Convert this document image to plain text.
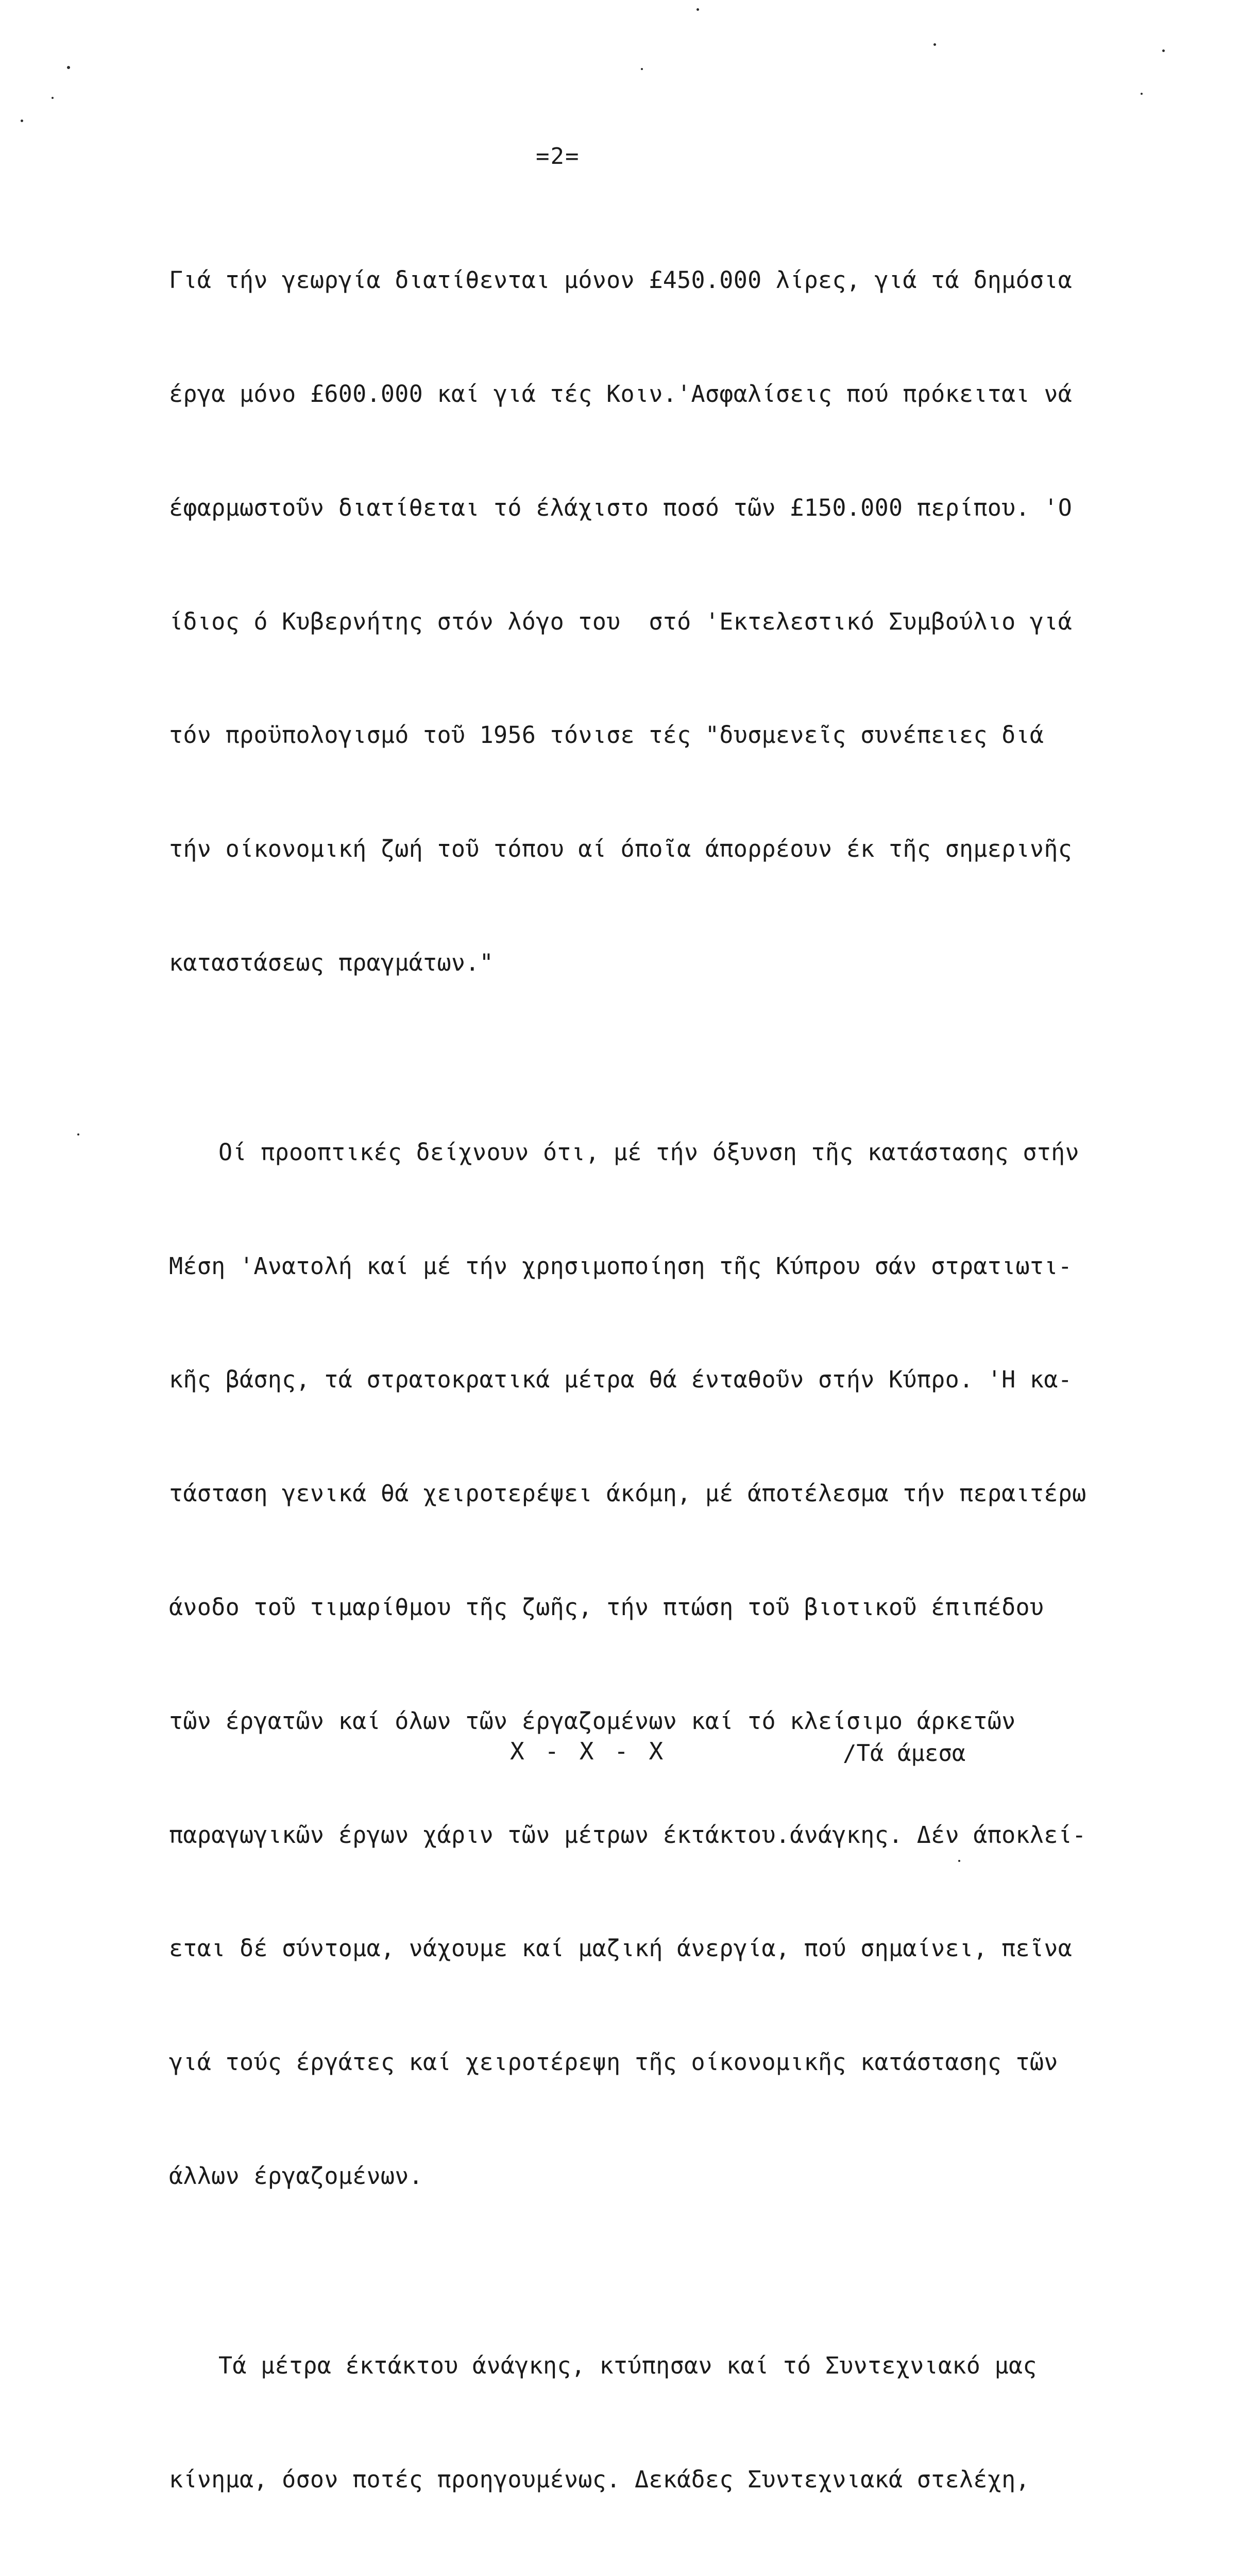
=2=

Γιά τήν γεωργία διατίθενται μόνον £450.000 λίρες, γιά τά δημόσια

έργα μόνο £600.000 καί γιά τές Κοιν.'Ασφαλίσεις πού πρόκειται νά

έφαρμωστοῦν διατίθεται τό έλάχιστο ποσό τῶν £150.000 περίπου. 'Ο

ίδιος ό Κυβερνήτης στόν λόγο του  στό 'Εκτελεστικό Συμβούλιο γιά

τόν προϋπολογισμό τοῦ 1956 τόνισε τές "δυσμενεῖς συνέπειες διά

τήν οίκονομική ζωή τοῦ τόπου αί όποῖα άπορρέουν έκ τῆς σημερινῆς

καταστάσεως πραγμάτων."

Οί προοπτικές δείχνουν ότι, μέ τήν όξυνση τῆς κατάστασης στήν

Μέση 'Ανατολή καί μέ τήν χρησιμοποίηση τῆς Κύπρου σάν στρατιωτι-

κῆς βάσης, τά στρατοκρατικά μέτρα θά ένταθοῦν στήν Κύπρο. 'Η κα-

τάσταση γενικά θά χειροτερέψει άκόμη, μέ άποτέλεσμα τήν περαιτέρω

άνοδο τοῦ τιμαρίθμου τῆς ζωῆς, τήν πτώση τοῦ βιοτικοῦ έπιπέδου

τῶν έργατῶν καί όλων τῶν έργαζομένων καί τό κλείσιμο άρκετῶν

παραγωγικῶν έργων χάριν τῶν μέτρων έκτάκτου.άνάγκης. Δέν άποκλεί-

εται δέ σύντομα, νάχουμε καί μαζική άνεργία, πού σημαίνει, πεῖνα

γιά τούς έργάτες καί χειροτέρεψη τῆς οίκονομικῆς κατάστασης τῶν

άλλων έργαζομένων.

Τά μέτρα έκτάκτου άνάγκης, κτύπησαν καί τό Συντεχνιακό μας

κίνημα, όσον ποτές προηγουμένως. Δεκάδες Συντεχνιακά στελέχη,

X - X - X	/Τά άμεσα
